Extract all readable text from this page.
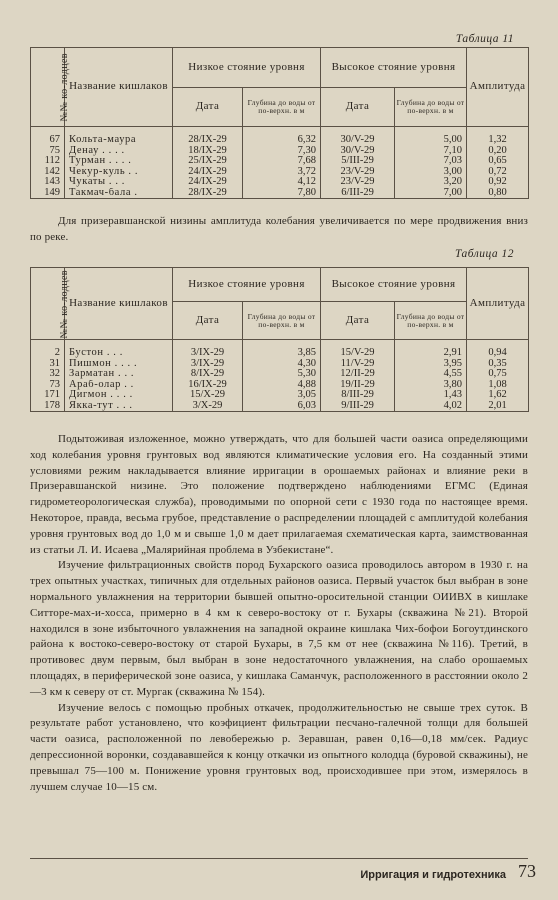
Таблица 11
№№ ко-лодцев	Название кишлаков	Низкое стояние уровня		Высокое стояние уровня		Амплитуда
		Дата	Глубина до воды от по-верхн. в м	Дата	Глубина до воды от по-верхн. в м	

67	Кольта-маура	28/IX-29	6,32	30/V-29	5,00	1,32
75	Денау . . . .	18/IX-29	7,30	30/V-29	7,10	0,20
112	Турман . . . .	25/IX-29	7,68	5/III-29	7,03	0,65
142	Чекур-куль . .	24/IX-29	3,72	23/V-29	3,00	0,72
143	Чукаты . . .	24/IX-29	4,12	23/V-29	3,20	0,92
149	Такмач-бала .	28/IX-29	7,80	6/III-29	7,00	0,80

Для призеравшанской низины амплитуда колебания увеличивается по мере продвижения вниз по реке.

Таблица 12
№№ ко-лодцев	Название кишлаков	Низкое стояние уровня		Высокое стояние уровня		Амплитуда
		Дата	Глубина до воды от по-верхн. в м	Дата	Глубина до воды от по-верхн. в м	

2	Бустон . . .	3/IX-29	3,85	15/V-29	2,91	0,94
31	Пишмон . . . .	3/IX-29	4,30	11/V-29	3,95	0,35
32	Зарматан . . .	8/IX-29	5,30	12/II-29	4,55	0,75
73	Араб-олар . .	16/IX-29	4,88	19/II-29	3,80	1,08
171	Дигмон . . . .	15/X-29	3,05	8/III-29	1,43	1,62
178	Якка-тут . . .	3/X-29	6,03	9/III-29	4,02	2,01

Подытоживая изложенное, можно утверждать, что для большей части оазиса определяющими ход колебания уровня грунтовых вод являются климатические условия его. На созданный этими условиями режим накладывается влияние ирригации в орошаемых районах и влияние реки в Призеравшанской низине. Это положение подтверждено наблюдениями ЕГМС (Единая гидрометеорологическая служба), проводимыми по опорной сети с 1930 года по настоящее время. Некоторое, правда, весьма грубое, представление о распределении площадей с амплитудой колебания уровня грунтовых вод до 1,0 м и свыше 1,0 м дает прилагаемая схематическая карта, заимствованная из статьи Л. И. Исаева „Малярийная проблема в Узбекистане“.

Изучение фильтрационных свойств пород Бухарского оазиса проводилось автором в 1930 г. на трех опытных участках, типичных для отдельных районов оазиса. Первый участок был выбран в зоне нормального увлажнения на территории бывшей опытно-оросительной станции ОИИВХ в кишлаке Ситторе-мах-и-хосса, примерно в 4 км к северо-востоку от г. Бухары (скважина №21). Второй находился в зоне избыточного увлажнения на западной окраине кишлака Чих-бофои Богоутдинского района к востоко-северо-востоку от старой Бухары, в 7,5 км от нее (скважина №116). Третий, в противовес двум первым, был выбран в зоне недостаточного увлажнения, на слабо орошаемых площадях, в периферической зоне оазиса, у кишлака Саманчук, расположенного в расстоянии около 2—3 км к северу от ст. Мургак (скважина № 154).

Изучение велось с помощью пробных откачек, продолжительностью не свыше трех суток. В результате работ установлено, что коэфициент фильтрации песчано-галечной толщи для большей части оазиса, расположенной по левобережью р. Зеравшан, равен 0,16—0,18 мм/сек. Радиус депрессионной воронки, создававшейся к концу откачки из опытного колодца (буровой скважины), не превышал 75—100 м. Понижение уровня грунтовых вод, происходившее при этом, измерялось в лучшем случае 10—15 см.

Ирригация и гидротехника 73
